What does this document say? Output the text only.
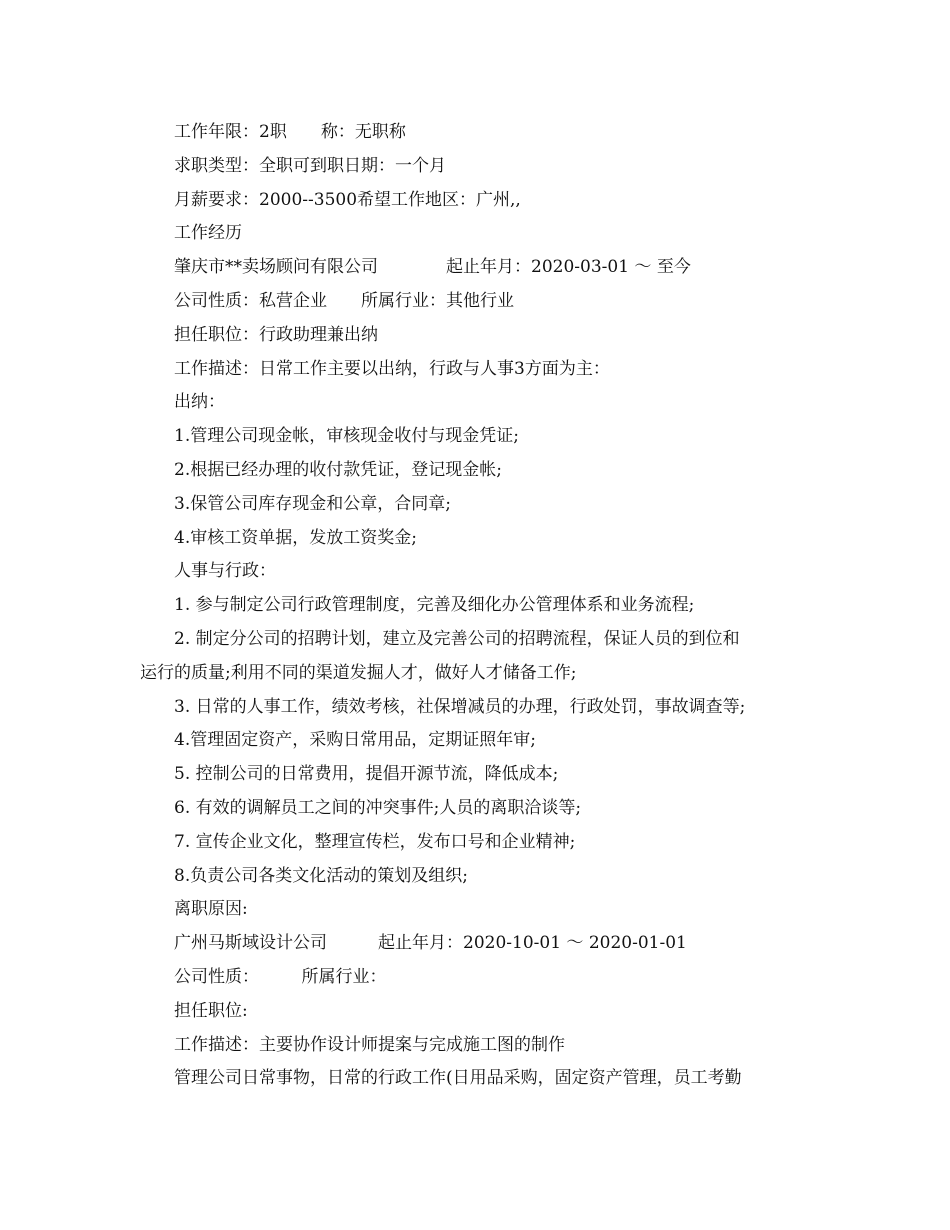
工作年限：2职　　称：无职称
求职类型：全职可到职日期：一个月
月薪要求：2000--3500希望工作地区：广州,,
工作经历
肇庆市**卖场顾问有限公司　　　　起止年月：2020-03-01 ～ 至今
公司性质：私营企业　　所属行业：其他行业
担任职位：行政助理兼出纳
工作描述：日常工作主要以出纳，行政与人事3方面为主：
出纳：
1.管理公司现金帐，审核现金收付与现金凭证;
2.根据已经办理的收付款凭证，登记现金帐;
3.保管公司库存现金和公章，合同章;
4.审核工资单据，发放工资奖金;
人事与行政：
1. 参与制定公司行政管理制度，完善及细化办公管理体系和业务流程;
2. 制定分公司的招聘计划，建立及完善公司的招聘流程，保证人员的到位和
运行的质量;利用不同的渠道发掘人才，做好人才储备工作;
3. 日常的人事工作，绩效考核，社保增减员的办理，行政处罚，事故调查等;
4.管理固定资产，采购日常用品，定期证照年审;
5. 控制公司的日常费用，提倡开源节流，降低成本;
6. 有效的调解员工之间的冲突事件;人员的离职洽谈等;
7. 宣传企业文化，整理宣传栏，发布口号和企业精神;
8.负责公司各类文化活动的策划及组织;
离职原因:
广州马斯域设计公司　　　起止年月：2020-10-01 ～ 2020-01-01
公司性质：　　　所属行业：
担任职位:
工作描述：主要协作设计师提案与完成施工图的制作
管理公司日常事物，日常的行政工作(日用品采购，固定资产管理，员工考勤
